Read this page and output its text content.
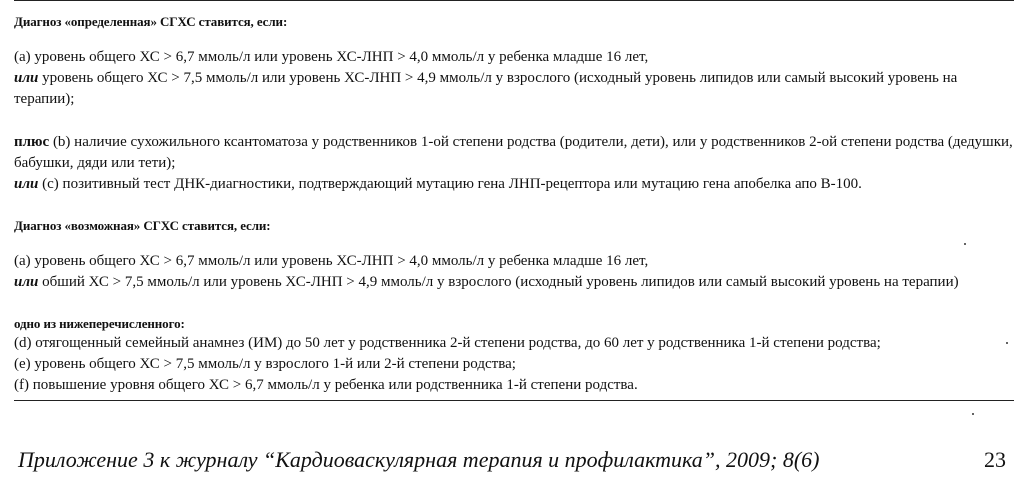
Диагноз «определенная» СГХС ставится, если:

(а) уровень общего ХС > 6,7 ммоль/л или уровень ХС-ЛНП > 4,0 ммоль/л у ребенка младше 16 лет,

или уровень общего ХС > 7,5 ммоль/л или уровень ХС-ЛНП > 4,9 ммоль/л у взрослого (исходный уровень липидов или самый высокий уровень на терапии);

плюс (b) наличие сухожильного ксантоматоза у родственников 1-ой степени родства (родители, дети), или у родственников 2-ой степени родства (дедушки, бабушки, дяди или тети);

или (с) позитивный тест ДНК-диагностики, подтверждающий мутацию гена ЛНП-рецептора или мутацию гена апобелка апо В-100.

Диагноз «возможная» СГХС ставится, если:

(а) уровень общего ХС > 6,7 ммоль/л или уровень ХС-ЛНП > 4,0 ммоль/л у ребенка младше 16 лет,

или обший ХС > 7,5 ммоль/л или уровень ХС-ЛНП > 4,9 ммоль/л у взрослого (исходный уровень липидов или самый высокий уровень на терапии)

одно из нижеперечисленного:

(d) отягощенный семейный анамнез (ИМ) до 50 лет у родственника 2-й степени родства, до 60 лет у родственника 1-й степени родства;

(е) уровень общего ХС > 7,5 ммоль/л у взрослого 1-й или 2-й степени родства;

(f) повышение уровня общего ХС > 6,7 ммоль/л у ребенка или родственника 1-й степени родства.

Приложение 3 к журналу “Кардиоваскулярная терапия и профилактика”, 2009; 8(6)	23
